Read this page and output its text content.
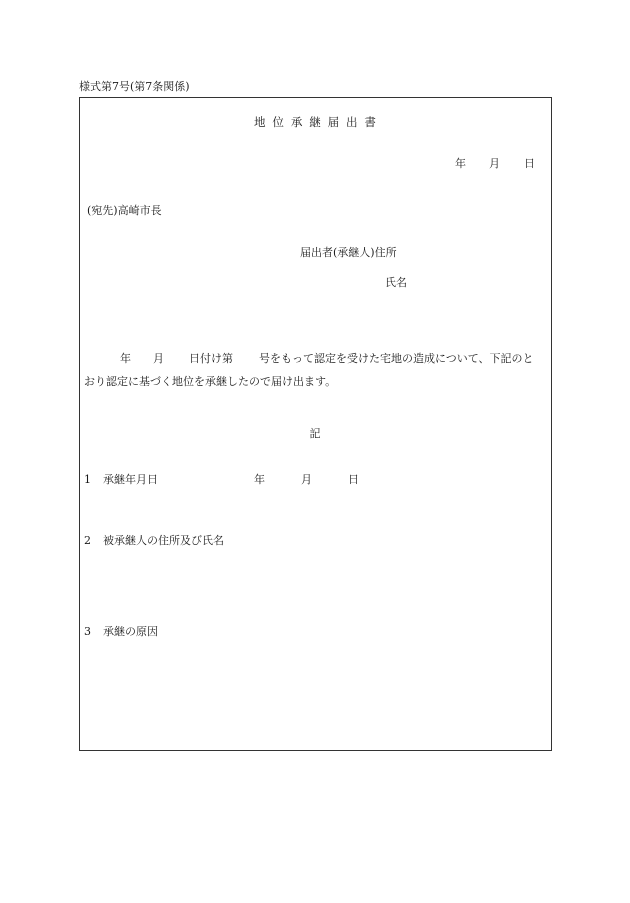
様式第7号(第7条関係)
地位承継届出書
年 月 日
(宛先)高崎市長
届出者(承継人)住所
氏名
年 月 日付け第 号をもって認定を受けた宅地の造成について、下記のと
おり認定に基づく地位を承継したので届け出ます。
記
1 承継年月日	年	月	日
2 被承継人の住所及び氏名
3 承継の原因
